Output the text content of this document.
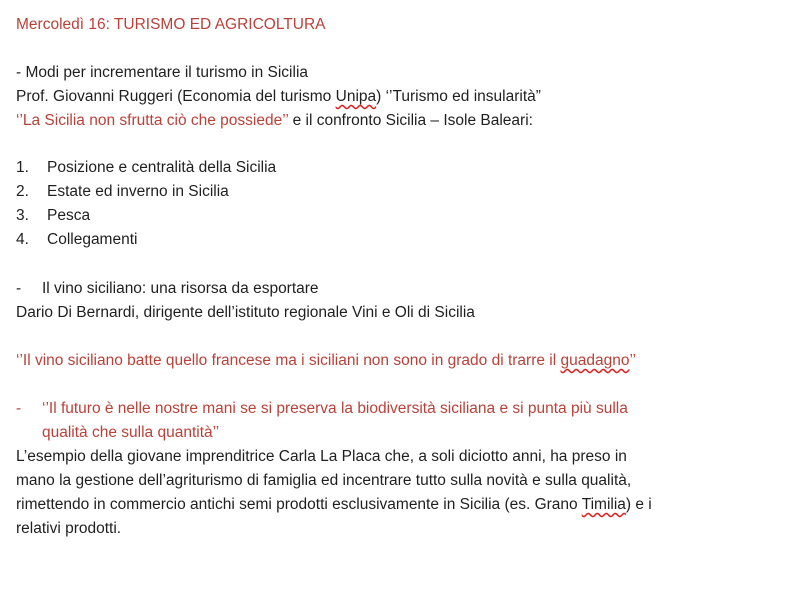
Mercoledì 16: TURISMO ED AGRICOLTURA
- Modi per incrementare il turismo in Sicilia
Prof. Giovanni Ruggeri (Economia del turismo Unipa) ‘’Turismo ed insularità”
‘’La Sicilia non sfrutta ciò che possiede’’ e il confronto Sicilia – Isole Baleari:
1. Posizione e centralità della Sicilia
2. Estate ed inverno in Sicilia
3. Pesca
4. Collegamenti
- Il vino siciliano: una risorsa da esportare
Dario Di Bernardi, dirigente dell’istituto regionale Vini e Oli di Sicilia
‘’Il vino siciliano batte quello francese ma i siciliani non sono in grado di trarre il guadagno’’
- ‘’Il futuro è nelle nostre mani se si preserva la biodiversità siciliana e si punta più sulla
qualità che sulla quantità’’
L’esempio della giovane imprenditrice Carla La Placa che, a soli diciotto anni, ha preso in
mano la gestione dell’agriturismo di famiglia ed incentrare tutto sulla novità e sulla qualità,
rimettendo in commercio antichi semi prodotti esclusivamente in Sicilia (es. Grano Timilia) e i
relativi prodotti.
